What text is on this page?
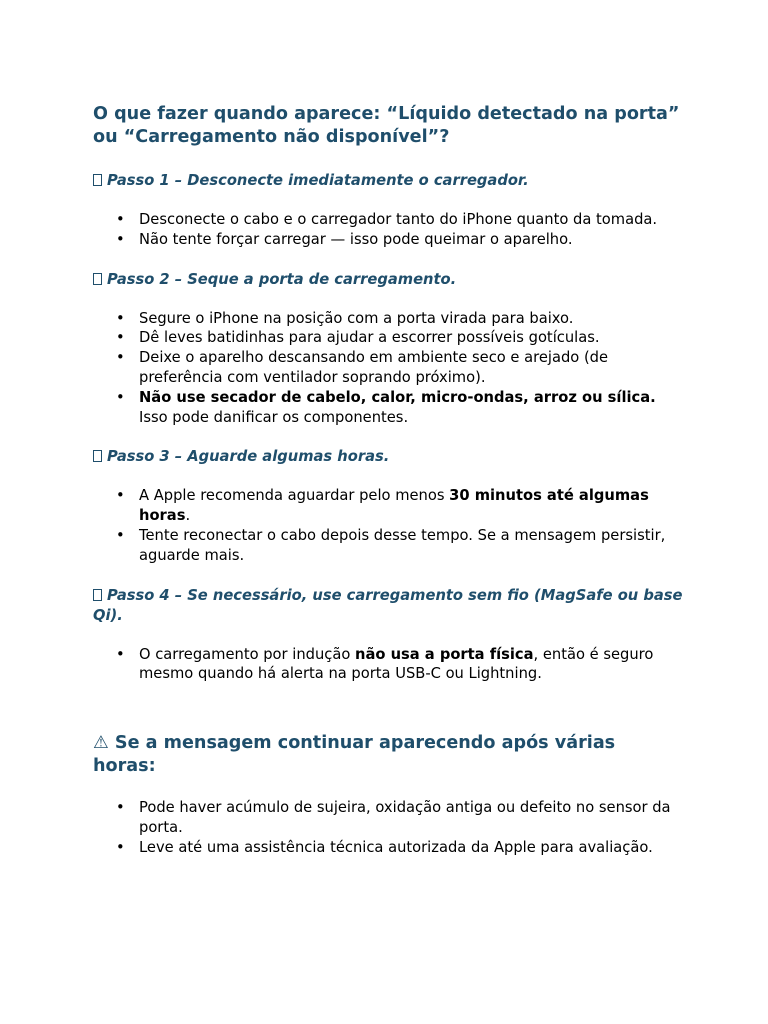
O que fazer quando aparece: “Líquido detectado na porta” ou “Carregamento não disponível”?
Passo 1 – Desconecte imediatamente o carregador.
• Desconecte o cabo e o carregador tanto do iPhone quanto da tomada.
• Não tente forçar carregar — isso pode queimar o aparelho.
Passo 2 – Seque a porta de carregamento.
• Segure o iPhone na posição com a porta virada para baixo.
• Dê leves batidinhas para ajudar a escorrer possíveis gotículas.
• Deixe o aparelho descansando em ambiente seco e arejado (de preferência com ventilador soprando próximo).
• Não use secador de cabelo, calor, micro-ondas, arroz ou sílica. Isso pode danificar os componentes.
Passo 3 – Aguarde algumas horas.
• A Apple recomenda aguardar pelo menos 30 minutos até algumas horas.
• Tente reconectar o cabo depois desse tempo. Se a mensagem persistir, aguarde mais.
Passo 4 – Se necessário, use carregamento sem fio (MagSafe ou base Qi).
• O carregamento por indução não usa a porta física, então é seguro mesmo quando há alerta na porta USB-C ou Lightning.
⚠ Se a mensagem continuar aparecendo após várias horas:
• Pode haver acúmulo de sujeira, oxidação antiga ou defeito no sensor da porta.
• Leve até uma assistência técnica autorizada da Apple para avaliação.
